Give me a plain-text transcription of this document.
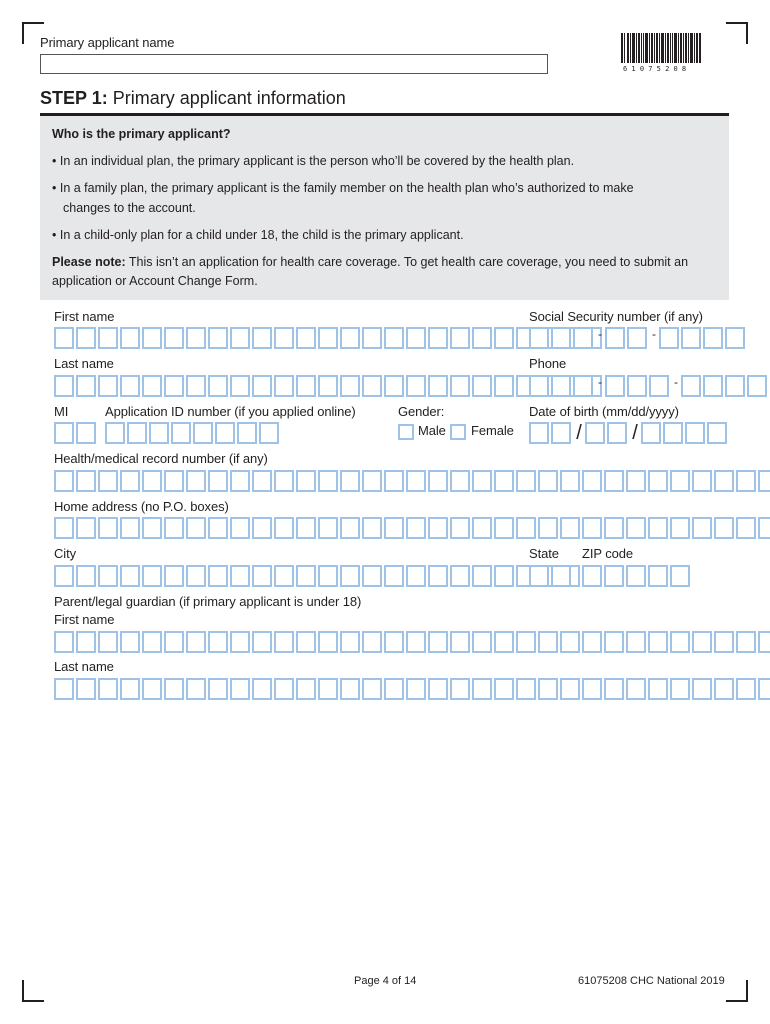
Primary applicant name
61075208
STEP 1: Primary applicant information
Who is the primary applicant?
• In an individual plan, the primary applicant is the person who’ll be covered by the health plan.
• In a family plan, the primary applicant is the family member on the health plan who’s authorized to make
changes to the account.
• In a child-only plan for a child under 18, the child is the primary applicant.
Please note: This isn’t an application for health care coverage. To get health care coverage, you need to submit an
application or Account Change Form.
First name	Social Security number (if any)
Last name	Phone
MI	Application ID number (if you applied online)	Gender:	Date of birth (mm/dd/yyyy)
Male Female
Health/medical record number (if any)
Home address (no P.O. boxes)
City	State ZIP code
Parent/legal guardian (if primary applicant is under 18)
First name
Last name
-	-
-	-
/	/
Page 4 of 14	61075208 CHC National 2019
